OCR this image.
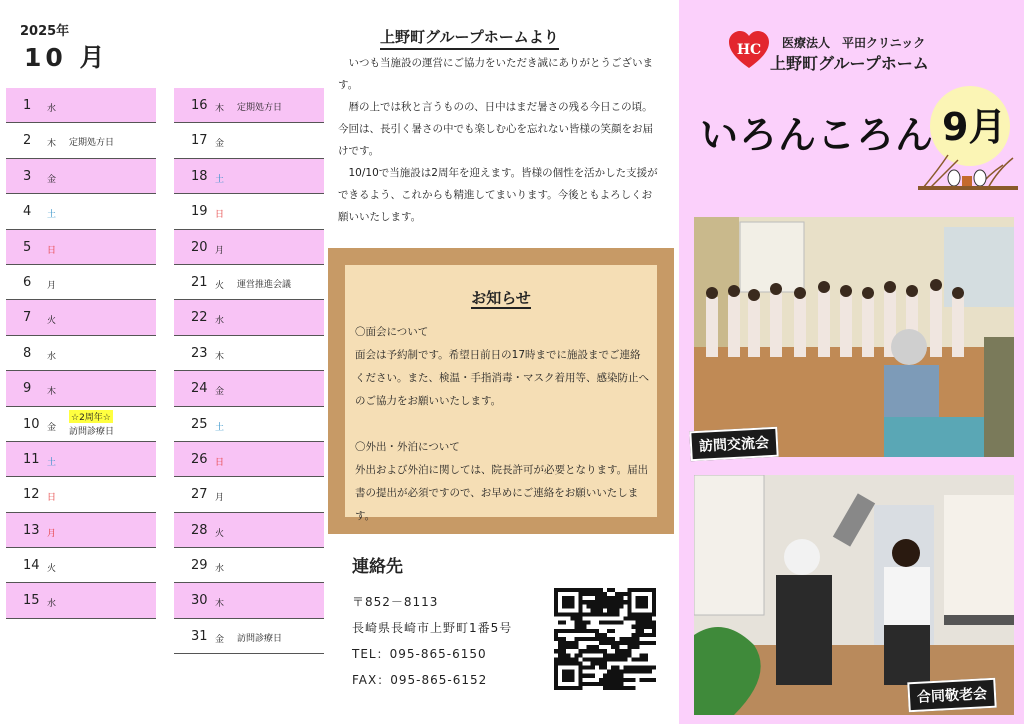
2025年
10 月
1 水
2 木 定期処方日
3 金
4 土
5 日
6 月
7 火
8 水
9 木
10 金
☆2周年☆
訪問診療日
11 土
12 日
13 月
14 火
15 水
16 木 定期処方日
17 金
18 土
19 日
20 月
21 火 運営推進会議
22 水
23 木
24 金
25 土
26 日
27 月
28 火
29 水
30 木
31 金 訪問診療日
上野町グループホームより

いつも当施設の運営にご協力をいただき誠にありがとうございます。

暦の上では秋と言うものの、日中はまだ暑さの残る今日この頃。今回は、長引く暑さの中でも楽しむ心を忘れない皆様の笑顔をお届けです。

10/10で当施設は2周年を迎えます。皆様の個性を活かした支援ができるよう、これからも精進してまいります。今後ともよろしくお願いいたします。

お知らせ
〇面会について
面会は予約制です。希望日前日の17時までに施設までご連絡ください。また、検温・手指消毒・マスク着用等、感染防止へのご協力をお願いいたします。
〇外出・外泊について
外出および外泊に関しては、院長許可が必要となります。届出書の提出が必須ですので、お早めにご連絡をお願いいたします。
連絡先
〒852－8113
長崎県長崎市上野町1番5号
TEL：095-865-6150
FAX：095-865-6152
HC 医療法人　平田クリニック
上野町グループホーム
いろんころん 9月
訪問交流会
合同敬老会
